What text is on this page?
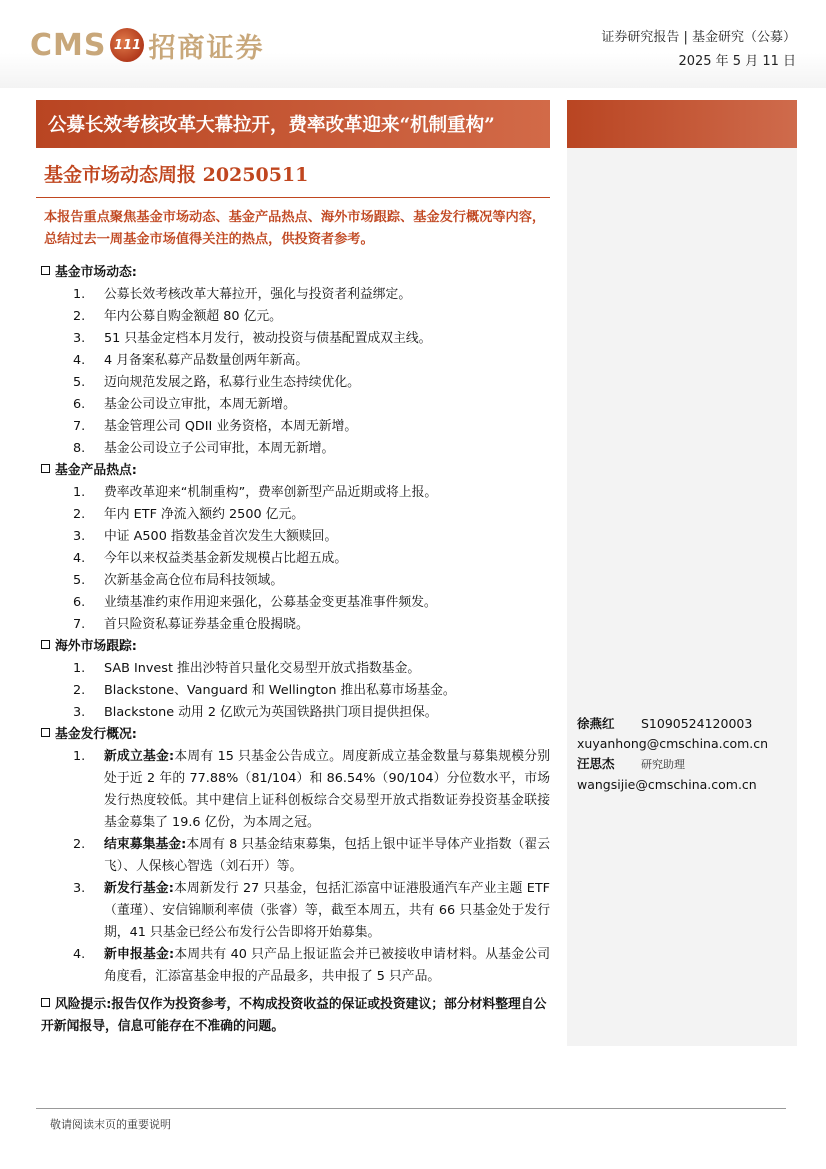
CMS 111 招商证券	证券研究报告 | 基金研究（公募）
2025 年 5 月 11 日
徐燕红 S1090524120003
xuyanhong@cmschina.com.cn
汪思杰 研究助理
wangsijie@cmschina.com.cn
公募长效考核改革大幕拉开，费率改革迎来“机制重构”
基金市场动态周报 20250511
本报告重点聚焦基金市场动态、基金产品热点、海外市场跟踪、基金发行概况等内容，总结过去一周基金市场值得关注的热点，供投资者参考。
基金市场动态:
1.	公募长效考核改革大幕拉开，强化与投资者利益绑定。
2.	年内公募自购金额超 80 亿元。
3.	51 只基金定档本月发行，被动投资与债基配置成双主线。
4.	4 月备案私募产品数量创两年新高。
5.	迈向规范发展之路，私募行业生态持续优化。
6.	基金公司设立审批，本周无新增。
7.	基金管理公司 QDII 业务资格，本周无新增。
8.	基金公司设立子公司审批，本周无新增。
基金产品热点:
1.	费率改革迎来“机制重构”，费率创新型产品近期或将上报。
2.	年内 ETF 净流入额约 2500 亿元。
3.	中证 A500 指数基金首次发生大额赎回。
4.	今年以来权益类基金新发规模占比超五成。
5.	次新基金高仓位布局科技领域。
6.	业绩基准约束作用迎来强化，公募基金变更基准事件频发。
7.	首只险资私募证券基金重仓股揭晓。
海外市场跟踪:
1.	SAB Invest 推出沙特首只量化交易型开放式指数基金。
2.	Blackstone、Vanguard 和 Wellington 推出私募市场基金。
3.	Blackstone 动用 2 亿欧元为英国铁路拱门项目提供担保。
基金发行概况:
1.	新成立基金:本周有 15 只基金公告成立。周度新成立基金数量与募集规模分别处于近 2 年的 77.88%（81/104）和 86.54%（90/104）分位数水平，市场发行热度较低。其中建信上证科创板综合交易型开放式指数证券投资基金联接基金募集了 19.6 亿份，为本周之冠。
2.	结束募集基金:本周有 8 只基金结束募集，包括上银中证半导体产业指数（翟云飞）、人保核心智选（刘石开）等。
3.	新发行基金:本周新发行 27 只基金，包括汇添富中证港股通汽车产业主题 ETF（董瑾）、安信锦顺利率债（张睿）等，截至本周五，共有 66 只基金处于发行期，41 只基金已经公布发行公告即将开始募集。
4.	新申报基金:本周共有 40 只产品上报证监会并已被接收申请材料。从基金公司角度看，汇添富基金申报的产品最多，共申报了 5 只产品。
风险提示:报告仅作为投资参考，不构成投资收益的保证或投资建议；部分材料整理自公开新闻报导，信息可能存在不准确的问题。
敬请阅读末页的重要说明
